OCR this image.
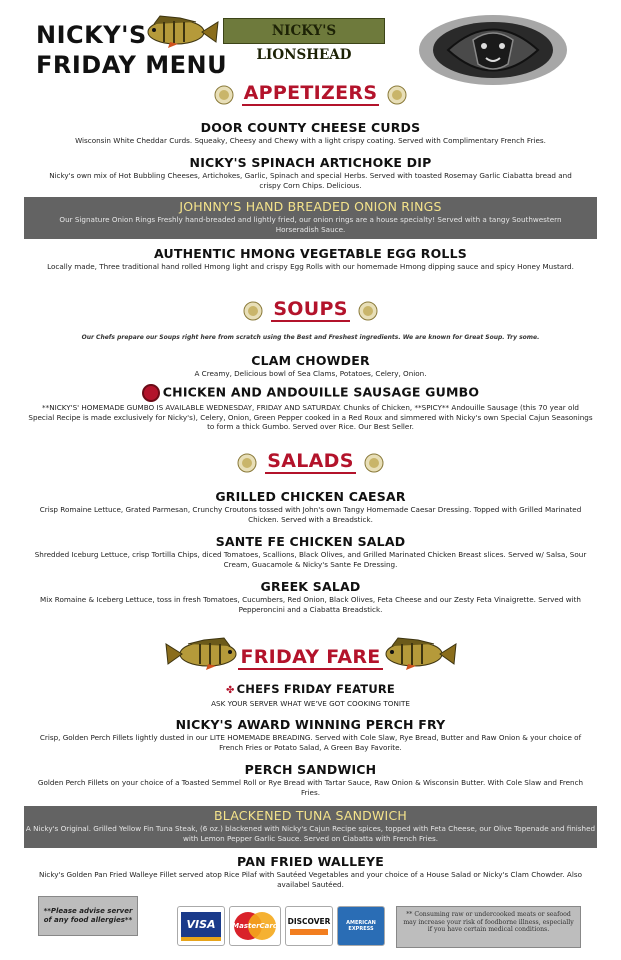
NICKY'S
FRIDAY MENU
NICKY'S LIONSHEAD
APPETIZERS
DOOR COUNTY CHEESE CURDS
Wisconsin White Cheddar Curds. Squeaky, Cheesy and Chewy with a light crispy coating. Served with Complimentary French Fries.
NICKY'S SPINACH ARTICHOKE DIP
Nicky's own mix of Hot Bubbling Cheeses, Artichokes, Garlic, Spinach and special Herbs. Served with toasted Rosemay Garlic Ciabatta bread and crispy Corn Chips. Delicious.
JOHNNY'S HAND BREADED ONION RINGS
Our Signature Onion Rings Freshly hand-breaded and lightly fried, our onion rings are a house specialty! Served with a tangy Southwestern Horseradish Sauce.
AUTHENTIC HMONG VEGETABLE EGG ROLLS
Locally made, Three traditional hand rolled Hmong light and crispy Egg Rolls with our homemade Hmong dipping sauce and spicy Honey Mustard.
SOUPS
Our Chefs prepare our Soups right here from scratch using the Best and Freshest ingredients. We are known for Great Soup. Try some.
CLAM CHOWDER
A Creamy, Delicious bowl of Sea Clams, Potatoes, Celery, Onion.
CHICKEN AND ANDOUILLE SAUSAGE GUMBO
**NICKY'S' HOMEMADE GUMBO IS AVAILABLE WEDNESDAY, FRIDAY AND SATURDAY. Chunks of Chicken, **SPICY** Andouille Sausage (this 70 year old Special Recipe is made exclusively for Nicky's), Celery, Onion, Green Pepper cooked in a Red Roux and simmered with Nicky's own Special Cajun Seasonings to form a thick Gumbo. Served over Rice. Our Best Seller.
SALADS
GRILLED CHICKEN CAESAR
Crisp Romaine Lettuce, Grated Parmesan, Crunchy Croutons tossed with John's own Tangy Homemade Caesar Dressing. Topped with Grilled Marinated Chicken. Served with a Breadstick.
SANTE FE CHICKEN SALAD
Shredded Iceburg Lettuce, crisp Tortilla Chips, diced Tomatoes, Scallions, Black Olives, and Grilled Marinated Chicken Breast slices. Served w/ Salsa, Sour Cream, Guacamole & Nicky's Sante Fe Dressing.
GREEK SALAD
Mix Romaine & Iceberg Lettuce, toss in fresh Tomatoes, Cucumbers, Red Onion, Black Olives, Feta Cheese and our Zesty Feta Vinaigrette. Served with Pepperoncini and a Ciabatta Breadstick.
FRIDAY FARE
✤ CHEFS FRIDAY FEATURE
ASK YOUR SERVER WHAT WE'VE GOT COOKING TONITE
NICKY'S AWARD WINNING PERCH FRY
Crisp, Golden Perch Fillets lightly dusted in our LITE HOMEMADE BREADING. Served with Cole Slaw, Rye Bread, Butter and Raw Onion & your choice of French Fries or Potato Salad, A Green Bay Favorite.
PERCH SANDWICH
Golden Perch Fillets on your choice of a Toasted Semmel Roll or Rye Bread with Tartar Sauce, Raw Onion & Wisconsin Butter. With Cole Slaw and French Fries.
BLACKENED TUNA SANDWICH
A Nicky's Original. Grilled Yellow Fin Tuna Steak, (6 oz.) blackened with Nicky's Cajun Recipe spices, topped with Feta Cheese, our Olive Topenade and finished with Lemon Pepper Garlic Sauce. Served on Ciabatta with French Fries.
PAN FRIED WALLEYE
Nicky's Golden Pan Fried Walleye Fillet served atop Rice Pilaf with Sautéed Vegetables and your choice of a House Salad or Nicky's Clam Chowder. Also availabel Sautéed.
**Please advise server of any food allergies**	VISA	MasterCard DISCOVER	AMERICAN EXPRESS
** Consuming raw or undercooked meats or seafood may increase your risk of foodborne illness, especially if you have certain medical conditions.
